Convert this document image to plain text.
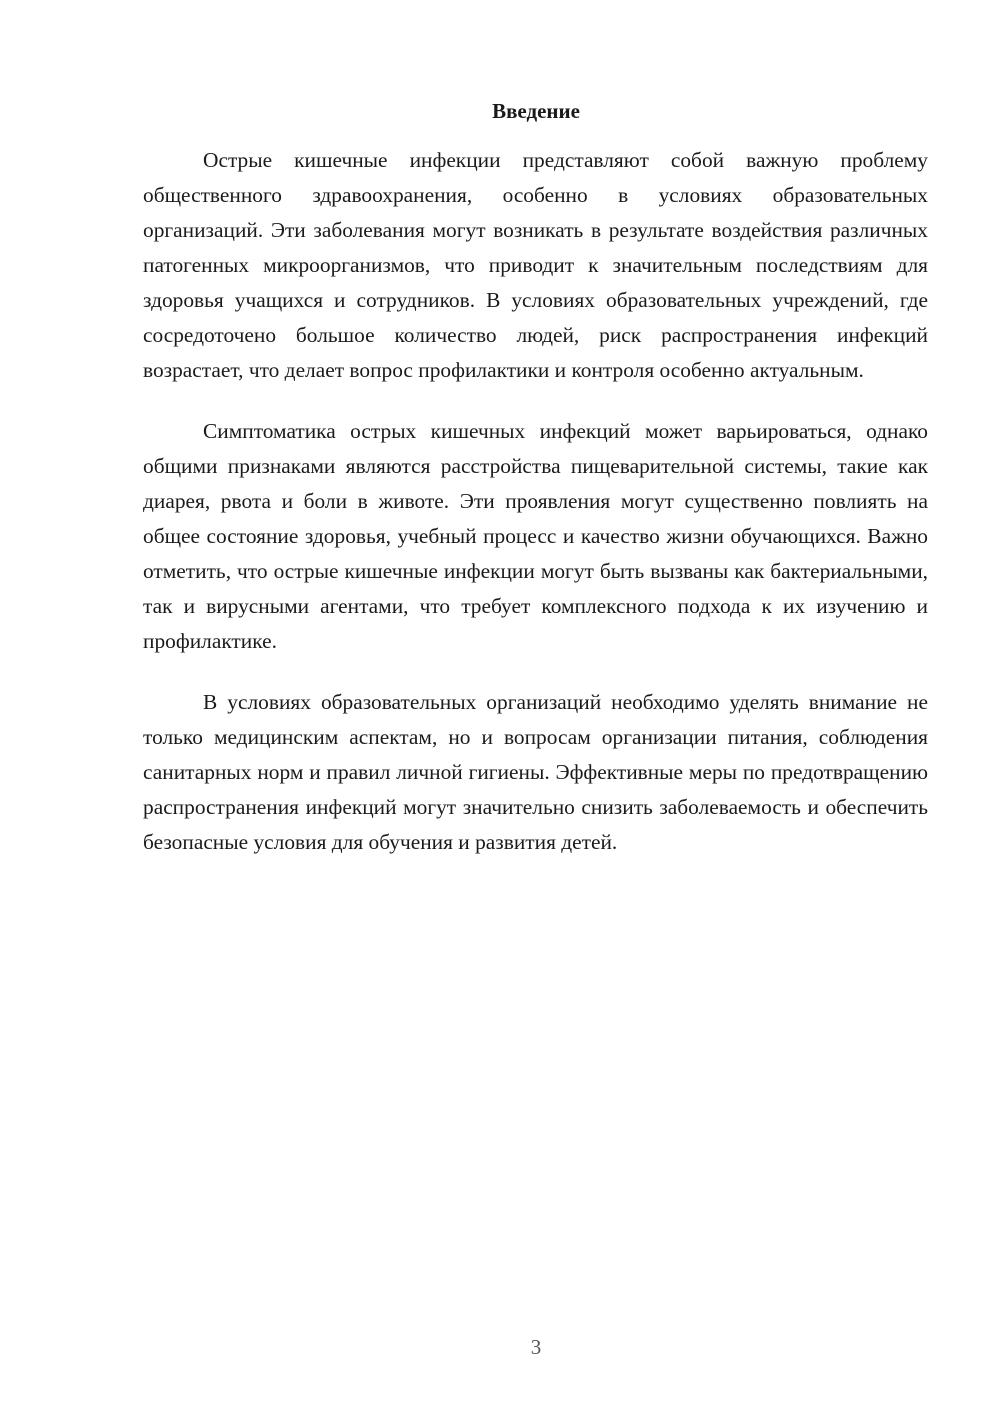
Введение

Острые кишечные инфекции представляют собой важную проблему общественного здравоохранения, особенно в условиях образовательных организаций. Эти заболевания могут возникать в результате воздействия различных патогенных микроорганизмов, что приводит к значительным последствиям для здоровья учащихся и сотрудников. В условиях образовательных учреждений, где сосредоточено большое количество людей, риск распространения инфекций возрастает, что делает вопрос профилактики и контроля особенно актуальным.

Симптоматика острых кишечных инфекций может варьироваться, однако общими признаками являются расстройства пищеварительной системы, такие как диарея, рвота и боли в животе. Эти проявления могут существенно повлиять на общее состояние здоровья, учебный процесс и качество жизни обучающихся. Важно отметить, что острые кишечные инфекции могут быть вызваны как бактериальными, так и вирусными агентами, что требует комплексного подхода к их изучению и профилактике.

В условиях образовательных организаций необходимо уделять внимание не только медицинским аспектам, но и вопросам организации питания, соблюдения санитарных норм и правил личной гигиены. Эффективные меры по предотвращению распространения инфекций могут значительно снизить заболеваемость и обеспечить безопасные условия для обучения и развития детей.

3
